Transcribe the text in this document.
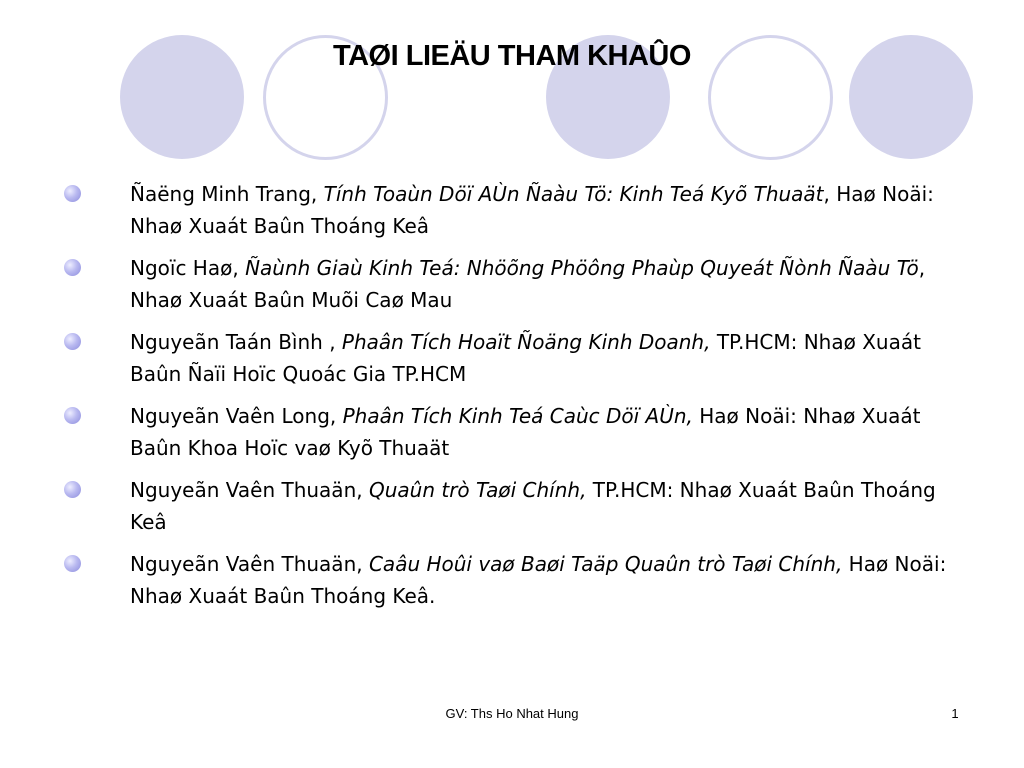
TAØI LIEÄU THAM KHAÛO
Ñaëng Minh Trang, Tính Toaùn Döï AÙn Ñaàu Tö: Kinh Teá Kyõ Thuaät, Haø Noäi: Nhaø Xuaát Baûn Thoáng Keâ
Ngoïc Haø, Ñaùnh Giaù Kinh Teá: Nhöõng Phöông Phaùp Quyeát Ñònh Ñaàu Tö, Nhaø Xuaát Baûn Muõi Caø Mau
Nguyeãn Taán Bình , Phaân Tích Hoaït Ñoäng Kinh Doanh, TP.HCM: Nhaø Xuaát Baûn Ñaïi Hoïc Quoác Gia TP.HCM
Nguyeãn Vaên Long, Phaân Tích Kinh Teá Caùc Döï AÙn, Haø Noäi: Nhaø Xuaát Baûn Khoa Hoïc vaø Kyõ Thuaät
Nguyeãn Vaên Thuaän, Quaûn trò Taøi Chính, TP.HCM: Nhaø Xuaát Baûn Thoáng Keâ
Nguyeãn Vaên Thuaän, Caâu Hoûi vaø Baøi Taäp Quaûn trò Taøi Chính, Haø Noäi: Nhaø Xuaát Baûn Thoáng Keâ.
GV: Ths Ho Nhat Hung	1
